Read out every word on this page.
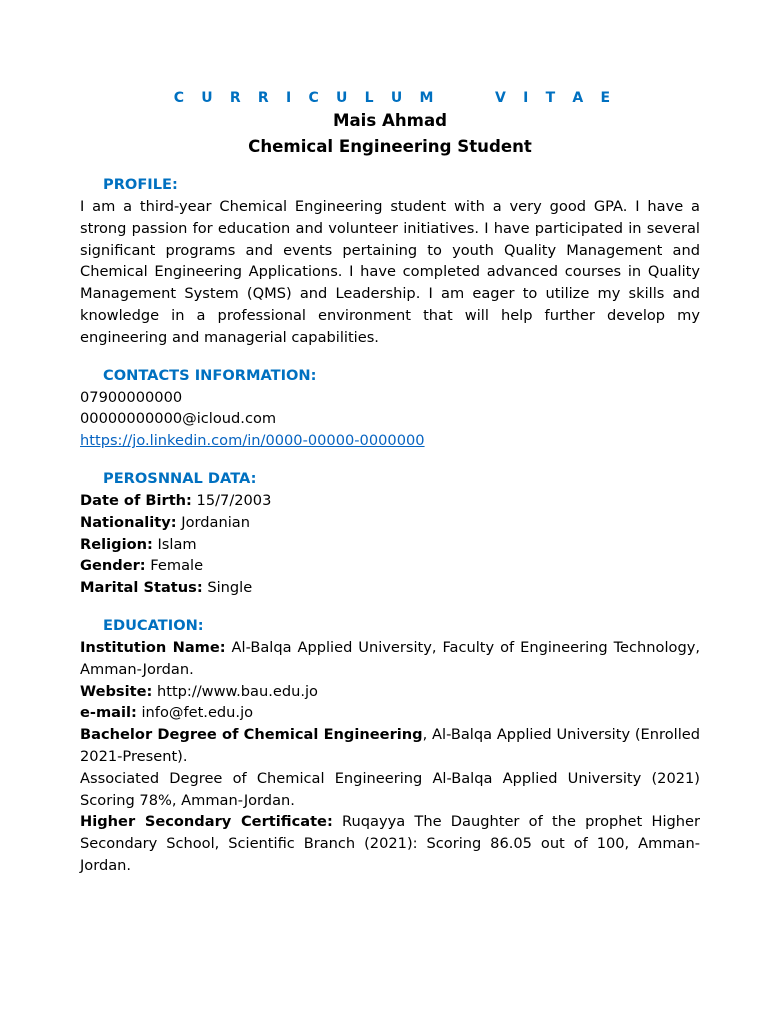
C U R R I C U L U M     V I T A E
Mais Ahmad
Chemical Engineering Student
PROFILE:

I am a third-year Chemical Engineering student with a very good GPA. I have a strong passion for education and volunteer initiatives. I have participated in several significant programs and events pertaining to youth Quality Management and Chemical Engineering Applications. I have completed advanced courses in Quality Management System (QMS) and Leadership. I am eager to utilize my skills and knowledge in a professional environment that will help further develop my engineering and managerial capabilities.

CONTACTS INFORMATION:
07900000000
00000000000@icloud.com
https://jo.linkedin.com/in/0000-00000-0000000
PEROSNNAL DATA:
Date of Birth: 15/7/2003
Nationality: Jordanian
Religion: Islam
Gender: Female
Marital Status: Single
EDUCATION:

Institution Name: Al-Balqa Applied University, Faculty of Engineering Technology, Amman-Jordan.

Website: http://www.bau.edu.jo
e-mail: info@fet.edu.jo

Bachelor Degree of Chemical Engineering, Al-Balqa Applied University (Enrolled 2021-Present).

Associated Degree of Chemical Engineering Al-Balqa Applied University (2021) Scoring 78%, Amman-Jordan.

Higher Secondary Certificate: Ruqayya The Daughter of the prophet Higher Secondary School, Scientific Branch (2021): Scoring 86.05 out of 100, Amman-Jordan.
